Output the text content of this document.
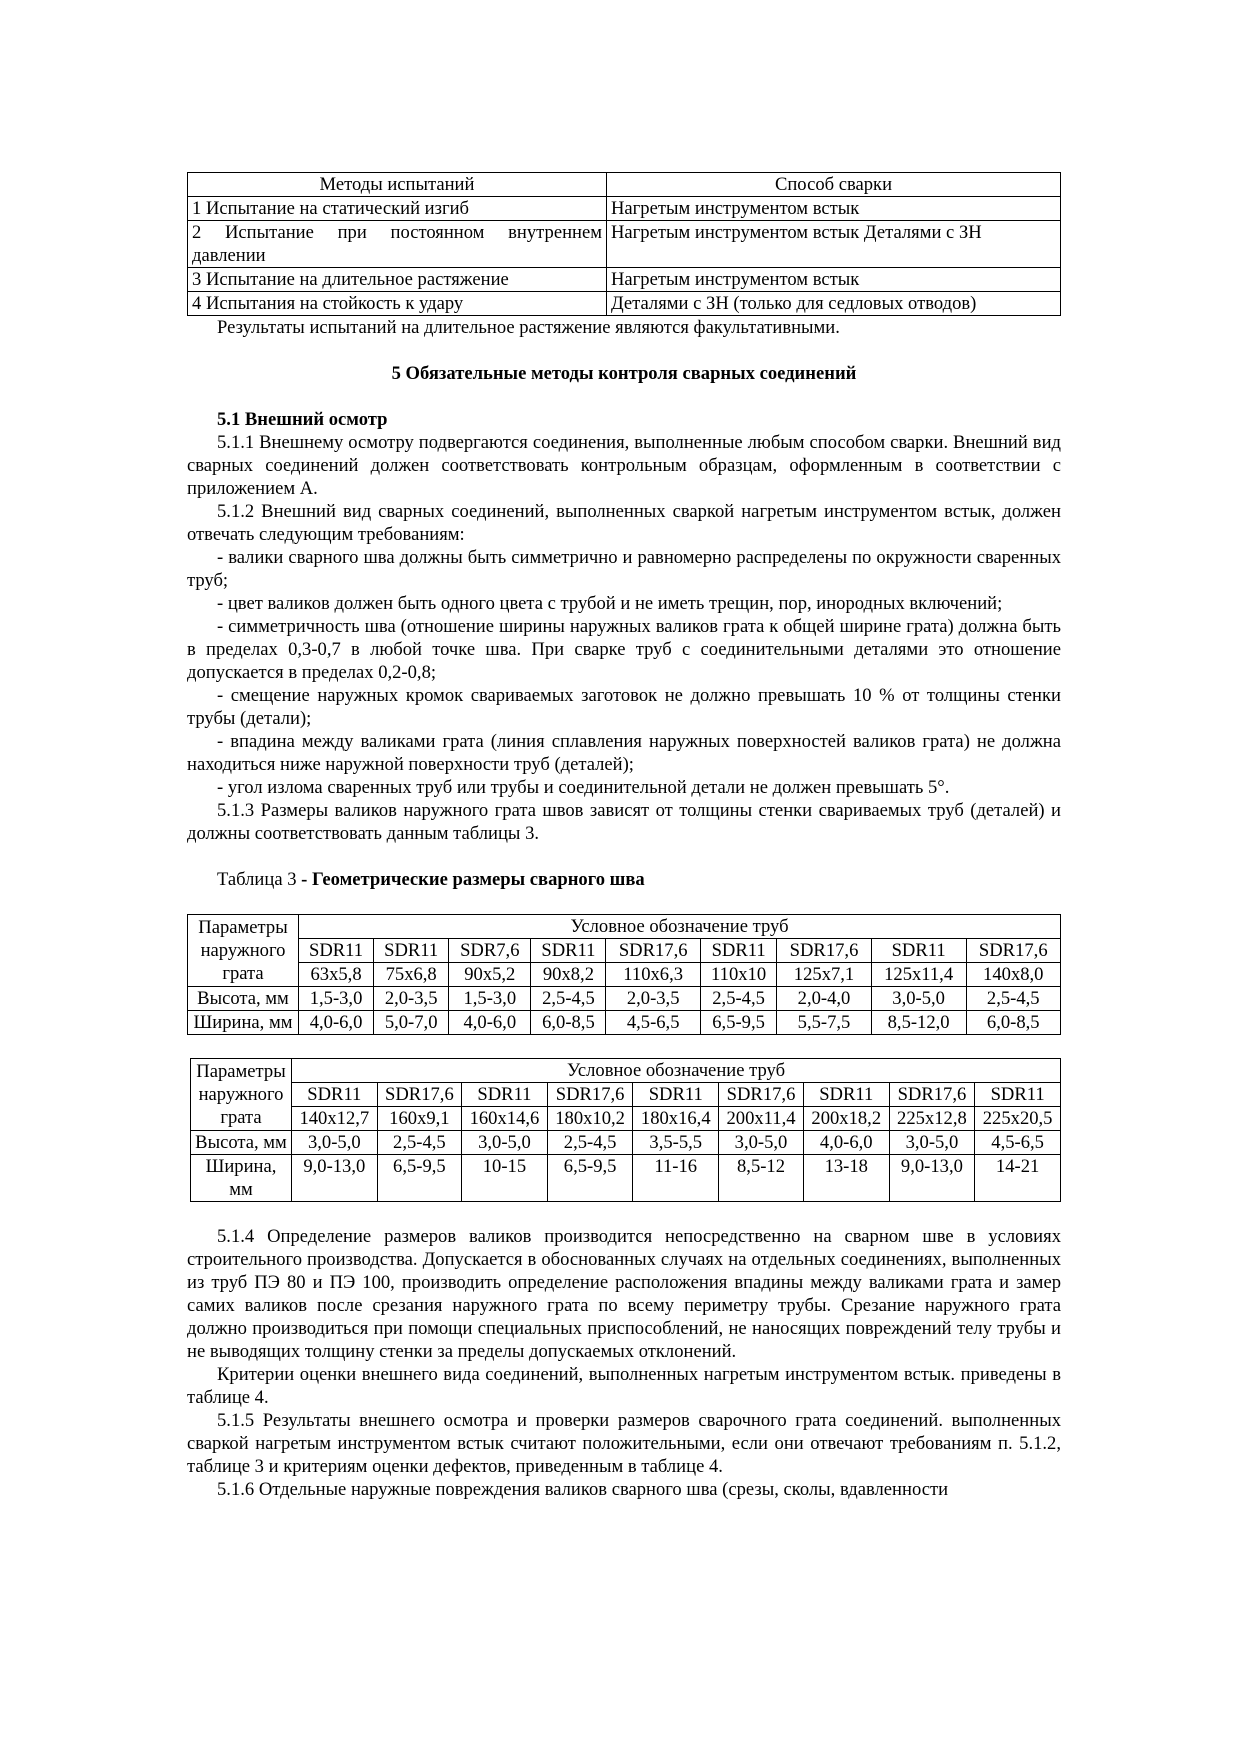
Методы испытаний	Способ сварки
1 Испытание на статический изгиб	Нагретым инструментом встык
2 Испытание при постоянном внутреннем давлении	Нагретым инструментом встык Деталями с ЗН
3 Испытание на длительное растяжение	Нагретым инструментом встык
4 Испытания на стойкость к удару	Деталями с ЗН (только для седловых отводов)

Результаты испытаний на длительное растяжение являются факультативными.

5 Обязательные методы контроля сварных соединений

5.1 Внешний осмотр

5.1.1 Внешнему осмотру подвергаются соединения, выполненные любым способом сварки. Внешний вид сварных соединений должен соответствовать контрольным образцам, оформленным в соответствии с приложением А.

5.1.2 Внешний вид сварных соединений, выполненных сваркой нагретым инструментом встык, должен отвечать следующим требованиям:

- валики сварного шва должны быть симметрично и равномерно распределены по окружности сваренных труб;

- цвет валиков должен быть одного цвета с трубой и не иметь трещин, пор, инородных включений;

- симметричность шва (отношение ширины наружных валиков грата к общей ширине грата) должна быть в пределах 0,3-0,7 в любой точке шва. При сварке труб с соединительными деталями это отношение допускается в пределах 0,2-0,8;

- смещение наружных кромок свариваемых заготовок не должно превышать 10 % от толщины стенки трубы (детали);

- впадина между валиками грата (линия сплавления наружных поверхностей валиков грата) не должна находиться ниже наружной поверхности труб (деталей);

- угол излома сваренных труб или трубы и соединительной детали не должен превышать 5°.

5.1.3 Размеры валиков наружного грата швов зависят от толщины стенки свариваемых труб (деталей) и должны соответствовать данным таблицы 3.

Таблица 3 - Геометрические размеры сварного шва

Параметры наружного грата	Условное обозначение труб								
	SDR11	SDR11	SDR7,6	SDR11	SDR17,6	SDR11	SDR17,6	SDR11	SDR17,6
	63x5,8	75x6,8	90x5,2	90x8,2	110x6,3	110x10	125x7,1	125x11,4	140x8,0
Высота, мм	1,5-3,0	2,0-3,5	1,5-3,0	2,5-4,5	2,0-3,5	2,5-4,5	2,0-4,0	3,0-5,0	2,5-4,5
Ширина, мм	4,0-6,0	5,0-7,0	4,0-6,0	6,0-8,5	4,5-6,5	6,5-9,5	5,5-7,5	8,5-12,0	6,0-8,5
Параметры наружного грата	Условное обозначение труб								
	SDR11	SDR17,6	SDR11	SDR17,6	SDR11	SDR17,6	SDR11	SDR17,6	SDR11
	140x12,7	160x9,1	160x14,6	180x10,2	180x16,4	200x11,4	200x18,2	225x12,8	225x20,5
Высота, мм	3,0-5,0	2,5-4,5	3,0-5,0	2,5-4,5	3,5-5,5	3,0-5,0	4,0-6,0	3,0-5,0	4,5-6,5
Ширина, мм	9,0-13,0	6,5-9,5	10-15	6,5-9,5	11-16	8,5-12	13-18	9,0-13,0	14-21

5.1.4 Определение размеров валиков производится непосредственно на сварном шве в условиях строительного производства. Допускается в обоснованных случаях на отдельных соединениях, выполненных из труб ПЭ 80 и ПЭ 100, производить определение расположения впадины между валиками грата и замер самих валиков после срезания наружного грата по всему периметру трубы. Срезание наружного грата должно производиться при помощи специальных приспособлений, не наносящих повреждений телу трубы и не выводящих толщину стенки за пределы допускаемых отклонений.

Критерии оценки внешнего вида соединений, выполненных нагретым инструментом встык. приведены в таблице 4.

5.1.5 Результаты внешнего осмотра и проверки размеров сварочного грата соединений. выполненных сваркой нагретым инструментом встык считают положительными, если они отвечают требованиям п. 5.1.2, таблице 3 и критериям оценки дефектов, приведенным в таблице 4.

5.1.6 Отдельные наружные повреждения валиков сварного шва (срезы, сколы, вдавленности
